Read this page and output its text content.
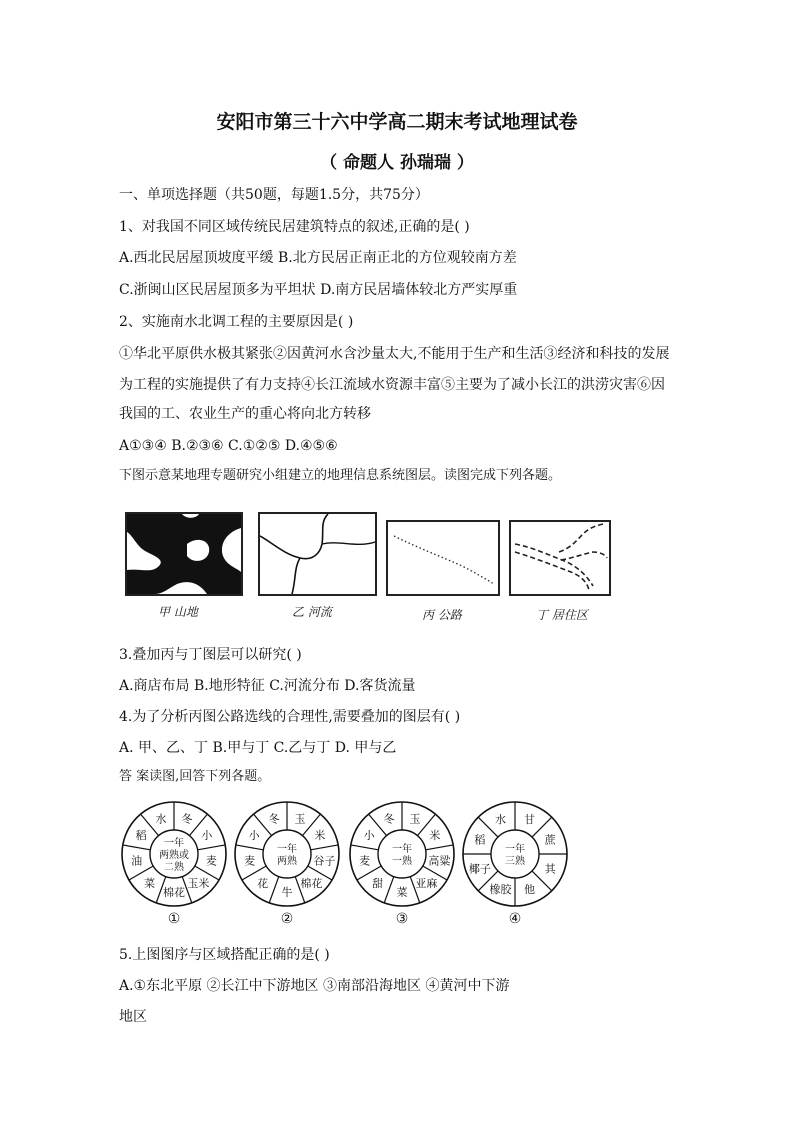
安阳市第三十六中学高二期末考试地理试卷
（ 命题人 孙瑞瑞 ）
一、单项选择题（共50题，每题1.5分，共75分）
1、对我国不同区域传统民居建筑特点的叙述,正确的是( )
A.西北民居屋顶坡度平缓 B.北方民居正南正北的方位观较南方差
C.浙闽山区民居屋顶多为平坦状 D.南方民居墙体较北方严实厚重
2、实施南水北调工程的主要原因是( )
①华北平原供水极其紧张②因黄河水含沙量太大,不能用于生产和生活③经济和科技的发展
为工程的实施提供了有力支持④长江流域水资源丰富⑤主要为了减小长江的洪涝灾害⑥因
我国的工、农业生产的重心将向北方转移
A①③④ B.②③⑥ C.①②⑤ D.④⑤⑥
下图示意某地理专题研究小组建立的地理信息系统图层。读图完成下列各题。
甲 山地	乙 河流	丙 公路	丁 居住区
3.叠加丙与丁图层可以研究( )
A.商店布局 B.地形特征 C.河流分布 D.客货流量
4.为了分析丙图公路选线的合理性,需要叠加的图层有( )
A. 甲、乙、丁 B.甲与丁 C.乙与丁 D. 甲与乙
答 案读图,回答下列各题。
冬
小
麦
玉米
棉花
菜
油
稻
水
一年
两熟或
二熟
①
玉
米
谷子
棉花
牛
花
麦
小
冬
一年
两熟
②
玉
米
高粱
亚麻
菜
甜
麦
小
冬
一年
一熟
③
甘
蔗
其
他
橡胶
椰子
稻
水
一年
三熟
④
5.上图图序与区域搭配正确的是( )
A.①东北平原 ②长江中下游地区 ③南部沿海地区 ④黄河中下游
地区
